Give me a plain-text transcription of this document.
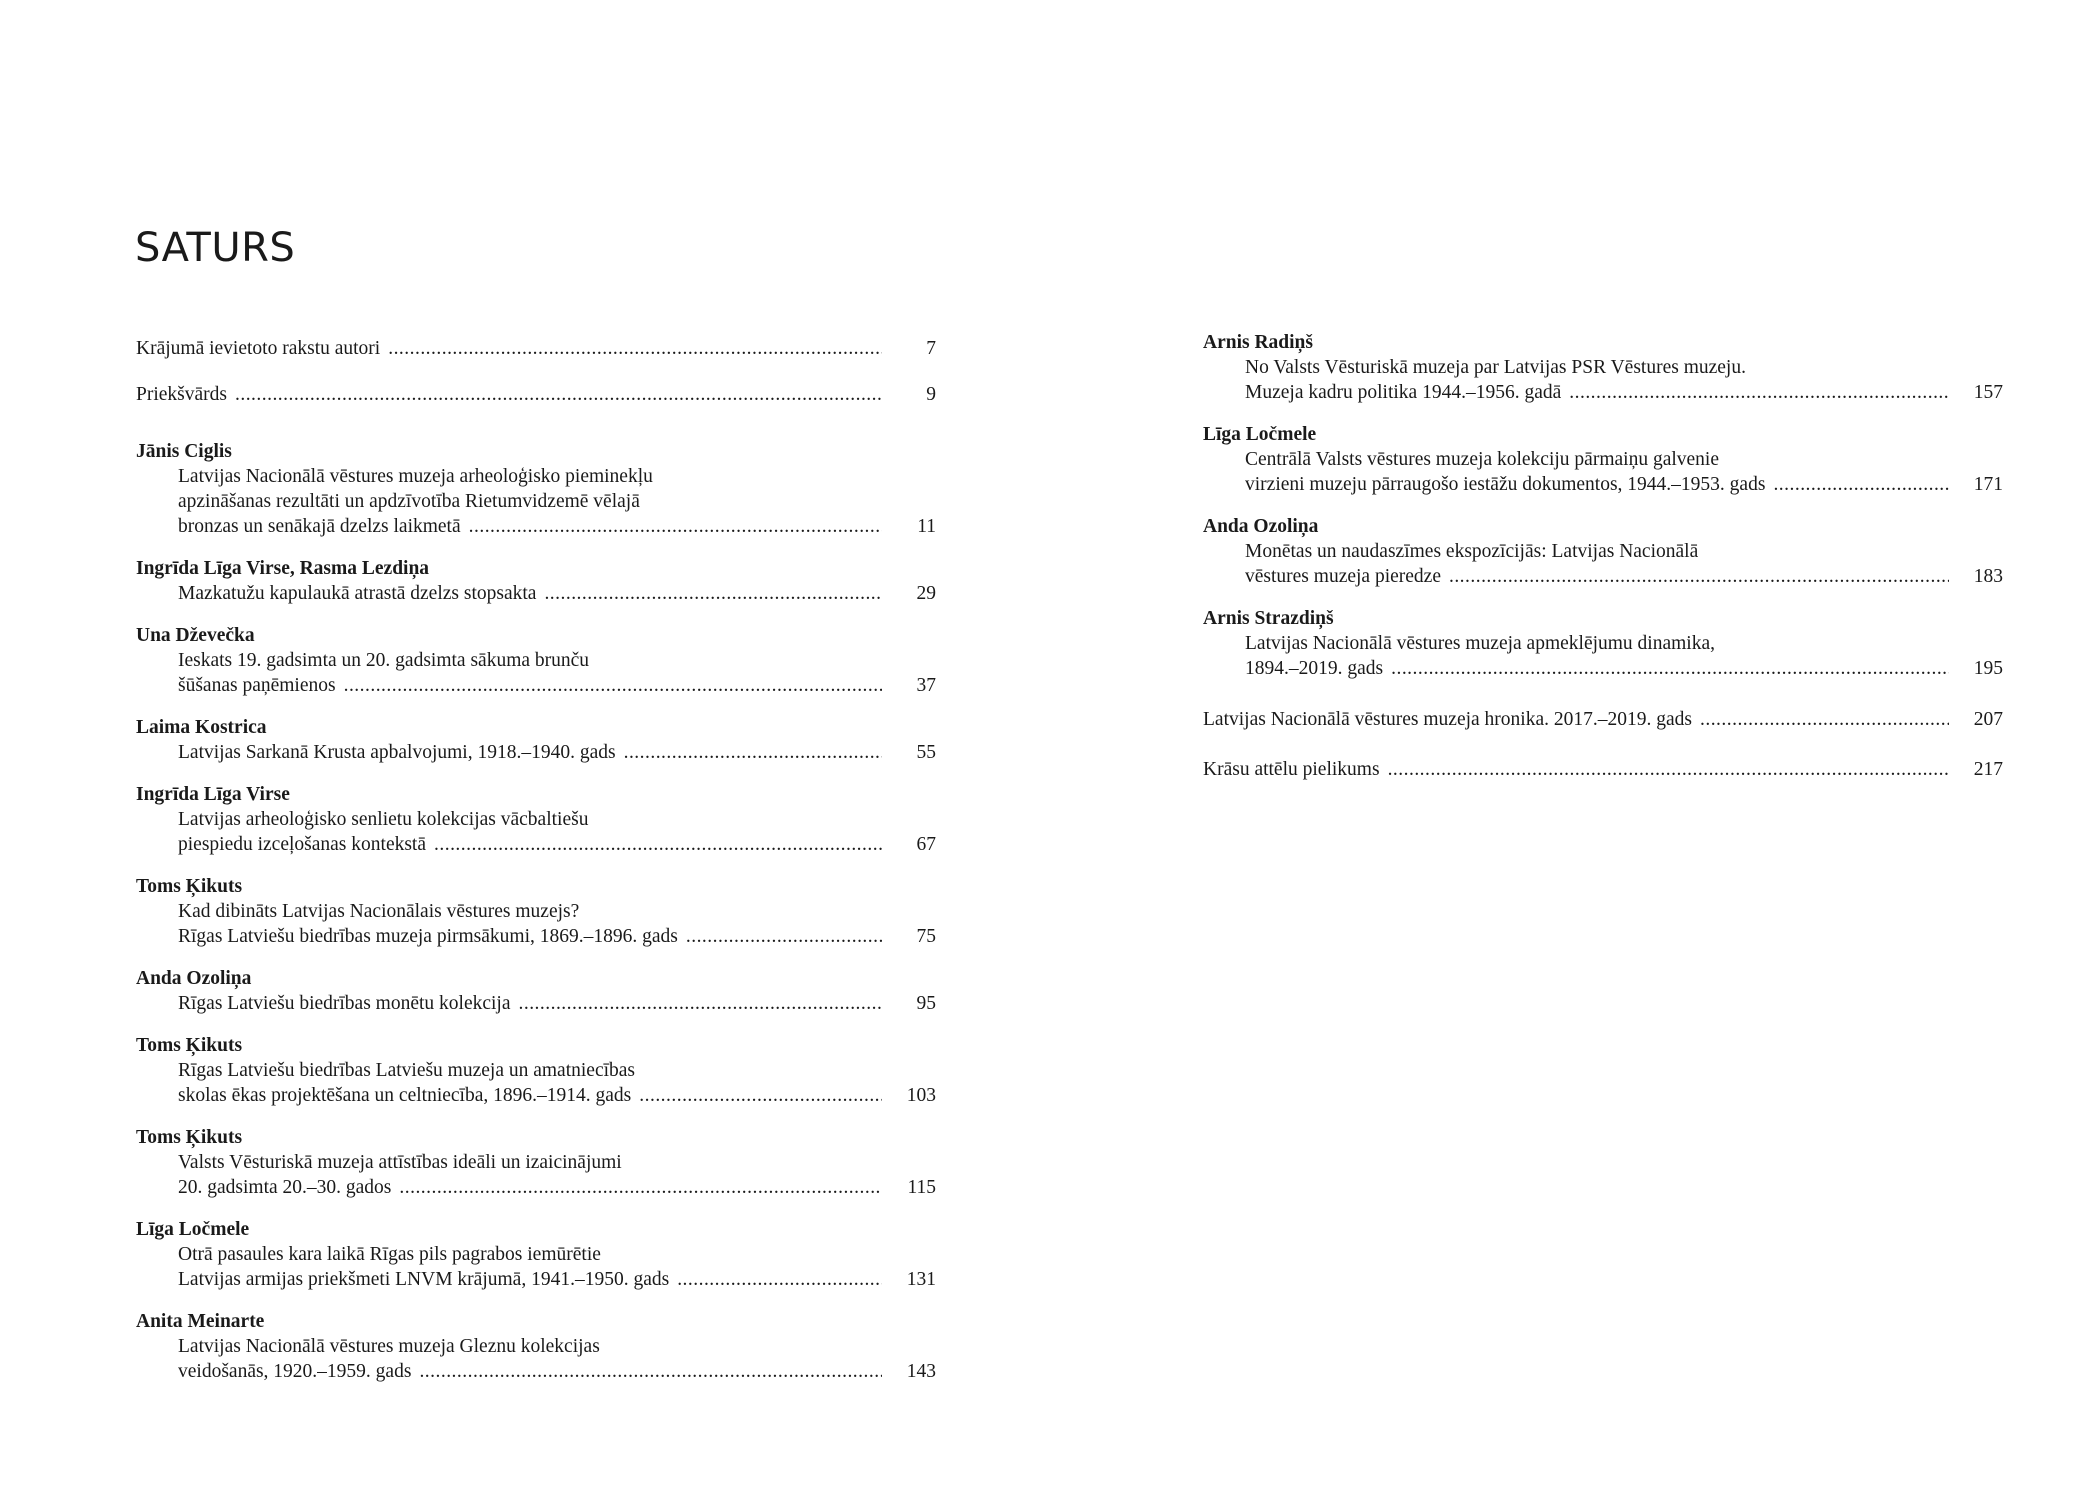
SATURS
Krājumā ievietoto rakstu autori . . .	7
Priekšvārds . . .	9
Jānis Ciglis
Latvijas Nacionālā vēstures muzeja arheoloģisko pieminekļu
apzināšanas rezultāti un apdzīvotība Rietumvidzemē vēlajā
bronzas un senākajā dzelzs laikmetā . . .	11
Ingrīda Līga Virse, Rasma Lezdiņa
Mazkatužu kapulaukā atrastā dzelzs stopsakta . . .	29
Una Dževečka
Ieskats 19. gadsimta un 20. gadsimta sākuma brunču
šūšanas paņēmienos . . .	37
Laima Kostrica
Latvijas Sarkanā Krusta apbalvojumi, 1918.–1940. gads . . .	55
Ingrīda Līga Virse
Latvijas arheoloģisko senlietu kolekcijas vācbaltiešu
piespiedu izceļošanas kontekstā . . .	67
Toms Ķikuts
Kad dibināts Latvijas Nacionālais vēstures muzejs?
Rīgas Latviešu biedrības muzeja pirmsākumi, 1869.–1896. gads . . .	75
Anda Ozoliņa
Rīgas Latviešu biedrības monētu kolekcija . . .	95
Toms Ķikuts
Rīgas Latviešu biedrības Latviešu muzeja un amatniecības
skolas ēkas projektēšana un celtniecība, 1896.–1914. gads . . .	103
Toms Ķikuts
Valsts Vēsturiskā muzeja attīstības ideāli un izaicinājumi
20. gadsimta 20.–30. gados . . .	115
Līga Ločmele
Otrā pasaules kara laikā Rīgas pils pagrabos iemūrētie
Latvijas armijas priekšmeti LNVM krājumā, 1941.–1950. gads . . .	131
Anita Meinarte
Latvijas Nacionālā vēstures muzeja Gleznu kolekcijas
veidošanās, 1920.–1959. gads . . .	143
Arnis Radiņš
No Valsts Vēsturiskā muzeja par Latvijas PSR Vēstures muzeju.
Muzeja kadru politika 1944.–1956. gadā . . .	157
Līga Ločmele
Centrālā Valsts vēstures muzeja kolekciju pārmaiņu galvenie
virzieni muzeju pārraugošo iestāžu dokumentos, 1944.–1953. gads . . .	171
Anda Ozoliņa
Monētas un naudaszīmes ekspozīcijās: Latvijas Nacionālā
vēstures muzeja pieredze . . .	183
Arnis Strazdiņš
Latvijas Nacionālā vēstures muzeja apmeklējumu dinamika,
1894.–2019. gads . . .	195
Latvijas Nacionālā vēstures muzeja hronika. 2017.–2019. gads . . .	207
Krāsu attēlu pielikums . . .	217
